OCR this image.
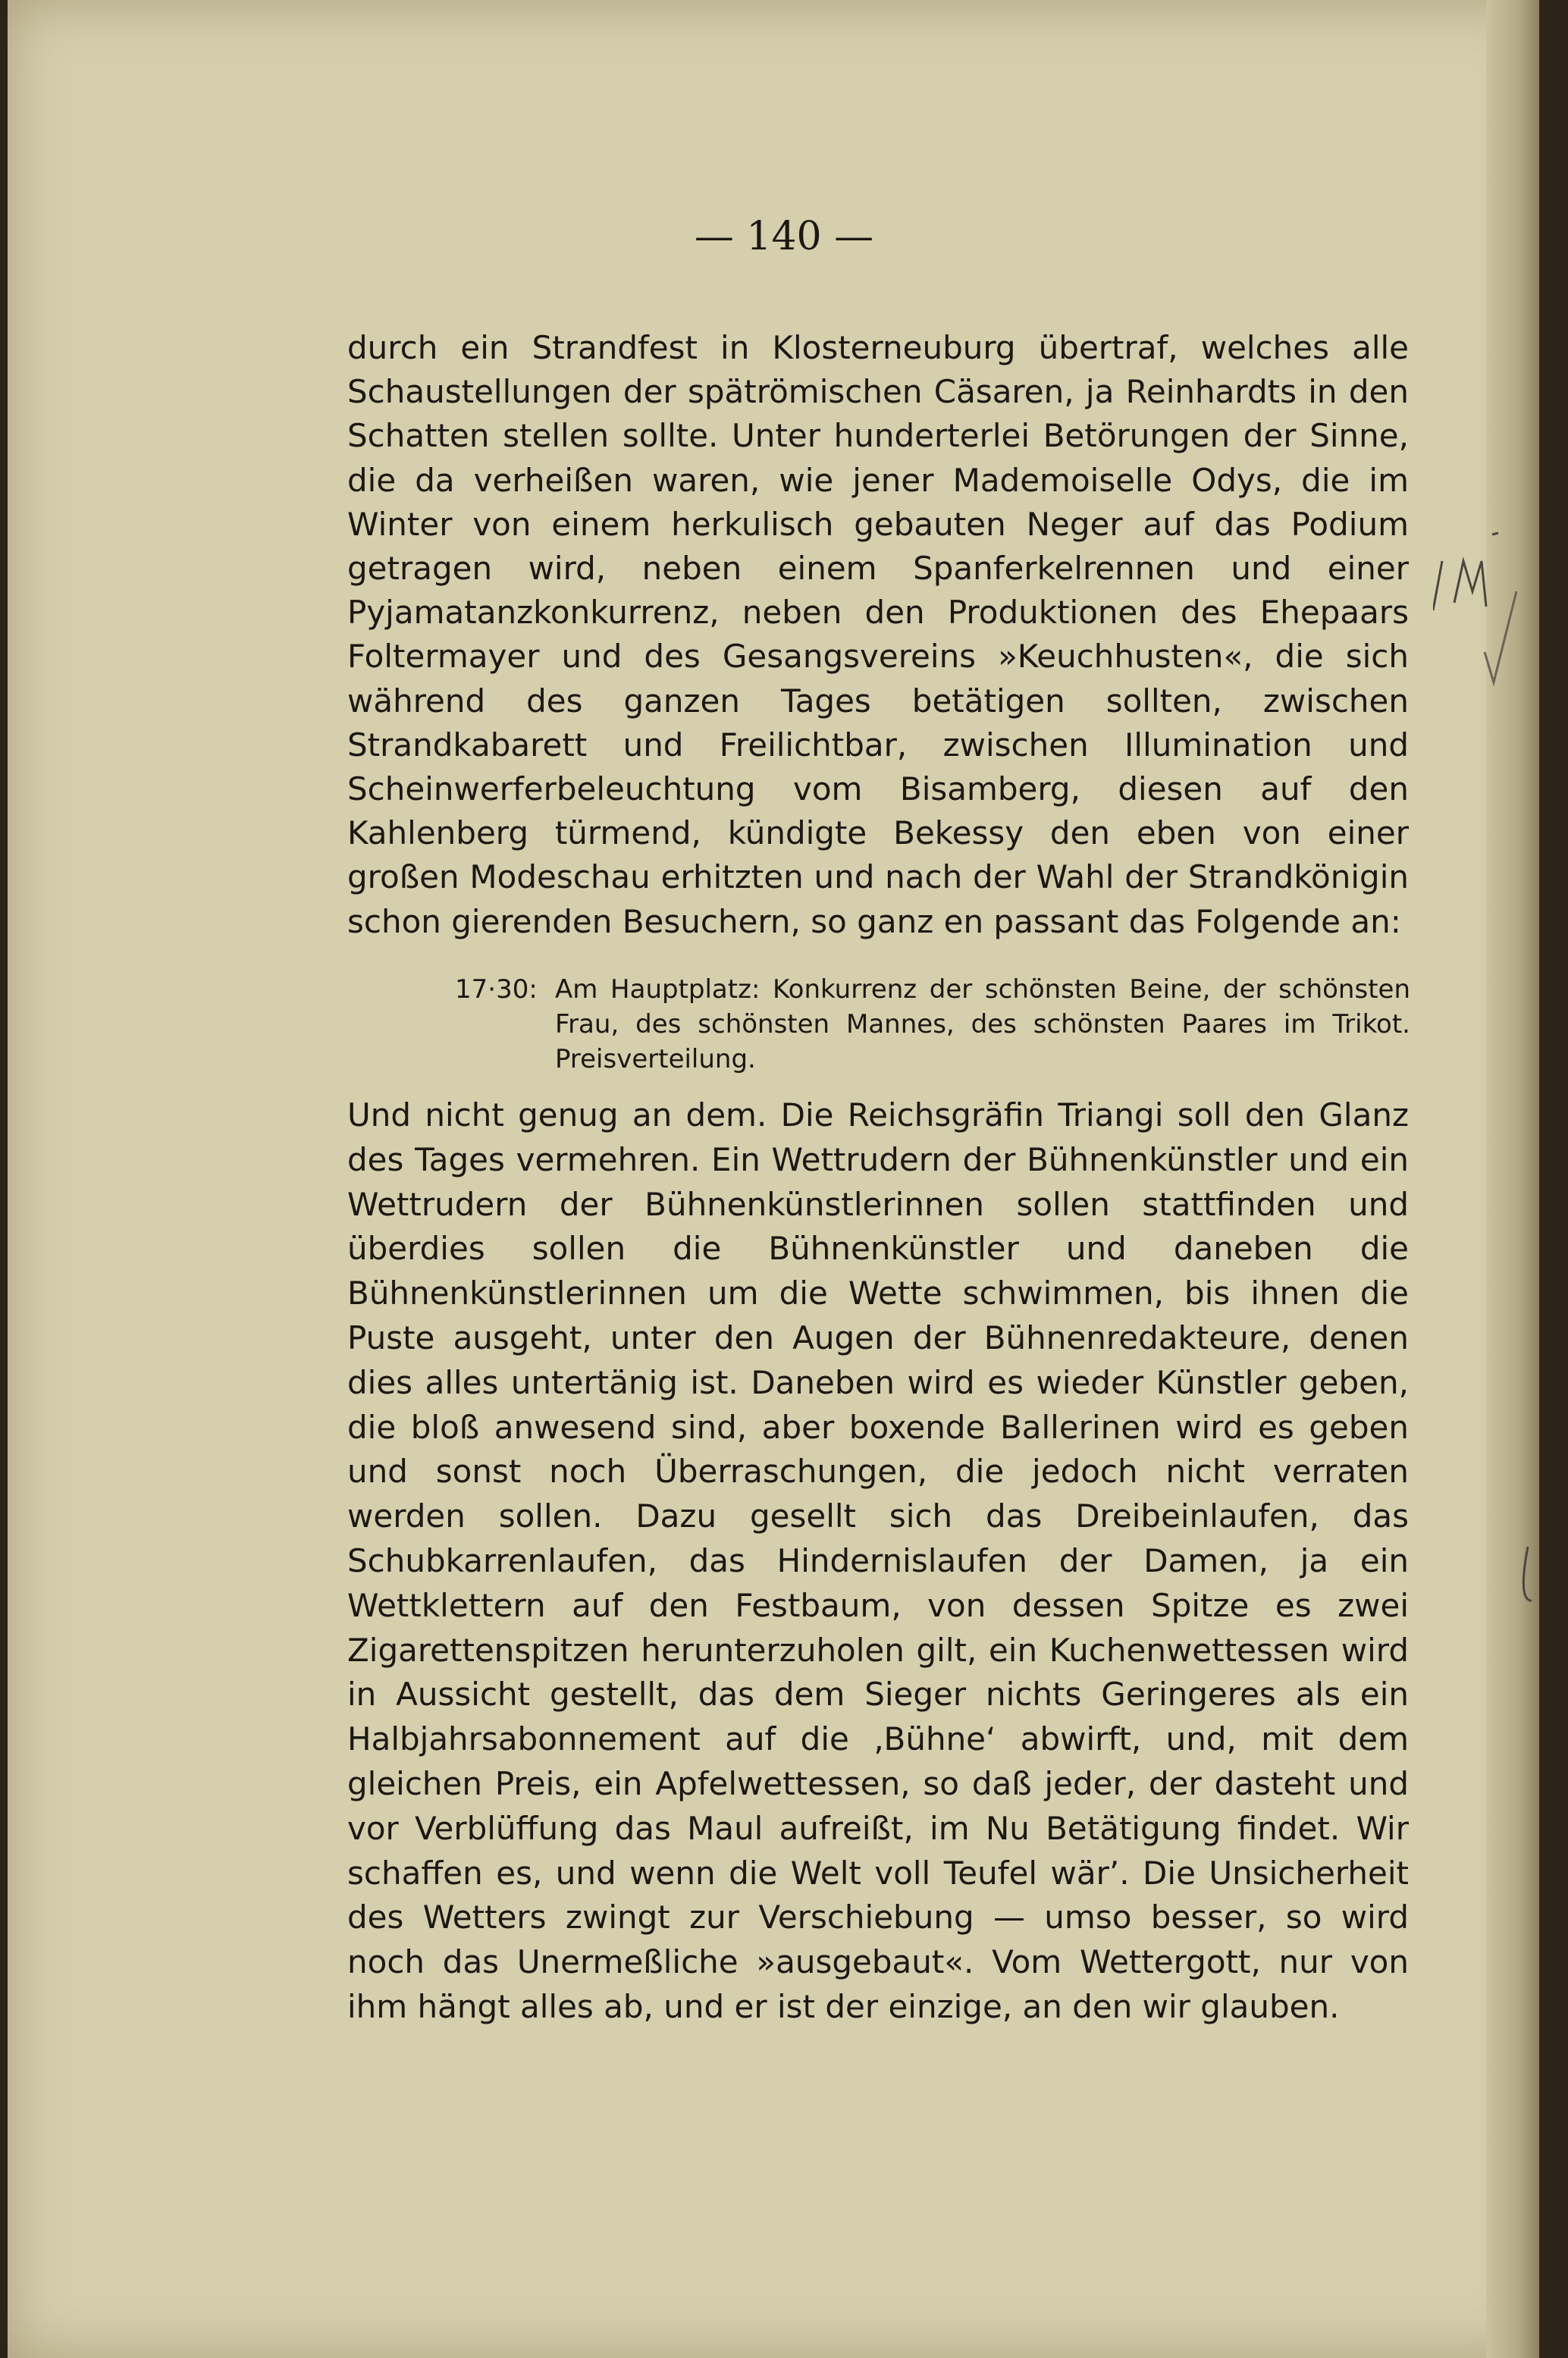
— 140 —
durch ein Strandfest in Klosterneuburg übertraf, welches alle Schaustellungen der spätrömischen Cäsaren, ja Reinhardts in den Schatten stellen sollte. Unter hunderterlei Betörungen der Sinne, die da verheißen waren, wie jener Mademoiselle Odys, die im Winter von einem herkulisch gebauten Neger auf das Podium getragen wird, neben einem Spanferkelrennen und einer Pyjamatanzkonkurrenz, neben den Produktionen des Ehepaars Foltermayer und des Gesangsvereins »Keuchhusten«, die sich während des ganzen Tages betätigen sollten, zwischen Strandkabarett und Freilichtbar, zwischen Illumination und Scheinwerferbeleuchtung vom Bisamberg, diesen auf den Kahlenberg türmend, kündigte Bekessy den eben von einer großen Modeschau erhitzten und nach der Wahl der Strandkönigin schon gierenden Besuchern, so ganz en passant das Folgende an:
17·30: Am Hauptplatz: Konkurrenz der schönsten Beine, der schönsten Frau, des schönsten Mannes, des schönsten Paares im Trikot. Preisverteilung.
Und nicht genug an dem. Die Reichsgräfin Triangi soll den Glanz des Tages vermehren. Ein Wettrudern der Bühnenkünstler und ein Wettrudern der Bühnenkünstlerinnen sollen stattfinden und überdies sollen die Bühnenkünstler und daneben die Bühnenkünstlerinnen um die Wette schwimmen, bis ihnen die Puste ausgeht, unter den Augen der Bühnenredakteure, denen dies alles untertänig ist. Daneben wird es wieder Künstler geben, die bloß anwesend sind, aber boxende Ballerinen wird es geben und sonst noch Überraschungen, die jedoch nicht verraten werden sollen. Dazu gesellt sich das Dreibeinlaufen, das Schubkarrenlaufen, das Hindernislaufen der Damen, ja ein Wettklettern auf den Festbaum, von dessen Spitze es zwei Zigarettenspitzen herunterzuholen gilt, ein Kuchenwettessen wird in Aussicht gestellt, das dem Sieger nichts Geringeres als ein Halbjahrsabonnement auf die ‚Bühne‘ abwirft, und, mit dem gleichen Preis, ein Apfelwettessen, so daß jeder, der dasteht und vor Verblüffung das Maul aufreißt, im Nu Betätigung findet. Wir schaffen es, und wenn die Welt voll Teufel wär’. Die Unsicherheit des Wetters zwingt zur Verschiebung — umso besser, so wird noch das Unermeßliche »ausgebaut«. Vom Wettergott, nur von ihm hängt alles ab, und er ist der einzige, an den wir glauben.
